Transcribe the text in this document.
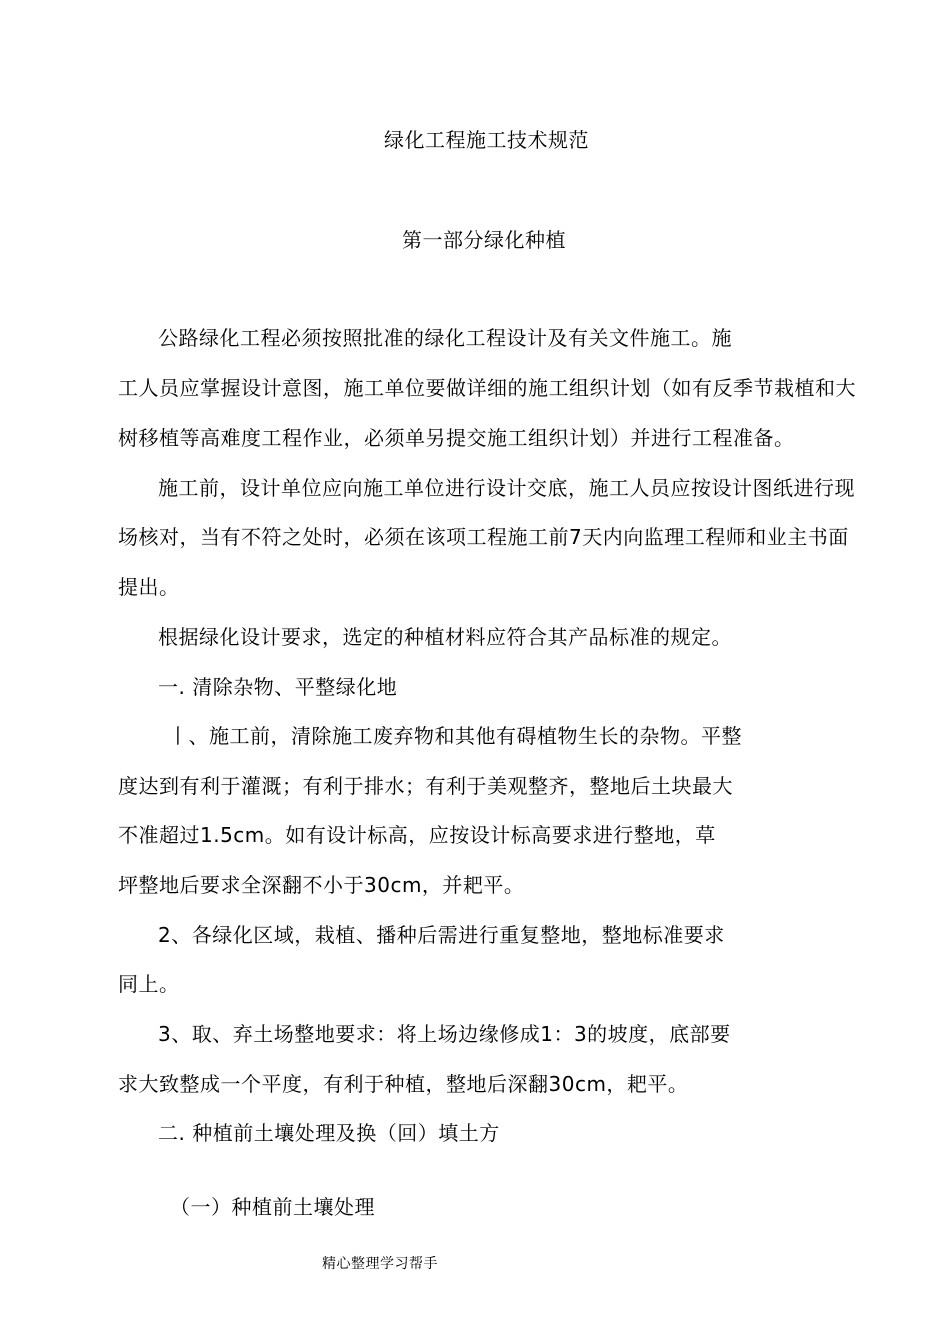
绿化工程施工技术规范
第一部分绿化种植
公路绿化工程必须按照批准的绿化工程设计及有关文件施工。施
工人员应掌握设计意图，施工单位要做详细的施工组织计划（如有反季节栽植和大
树移植等高难度工程作业，必须单另提交施工组织计划）并进行工程准备。
施工前，设计单位应向施工单位进行设计交底，施工人员应按设计图纸进行现
场核对，当有不符之处时，必须在该项工程施工前7天内向监理工程师和业主书面
提出。
根据绿化设计要求，选定的种植材料应符合其产品标准的规定。
一. 清除杂物、平整绿化地
丨、施工前，清除施工废弃物和其他有碍植物生长的杂物。平整
度达到有利于灌溉；有利于排水；有利于美观整齐，整地后土块最大
不准超过1.5cm。如有设计标高，应按设计标高要求进行整地，草
坪整地后要求全深翻不小于30cm，并耙平。
2、各绿化区域，栽植、播种后需进行重复整地，整地标准要求
同上。
3、取、弃土场整地要求：将上场边缘修成1：3的坡度，底部要
求大致整成一个平度，有利于种植，整地后深翻30cm，耙平。
二. 种植前土壤处理及换（回）填土方
（一）种植前土壤处理
精心整理学习帮手
